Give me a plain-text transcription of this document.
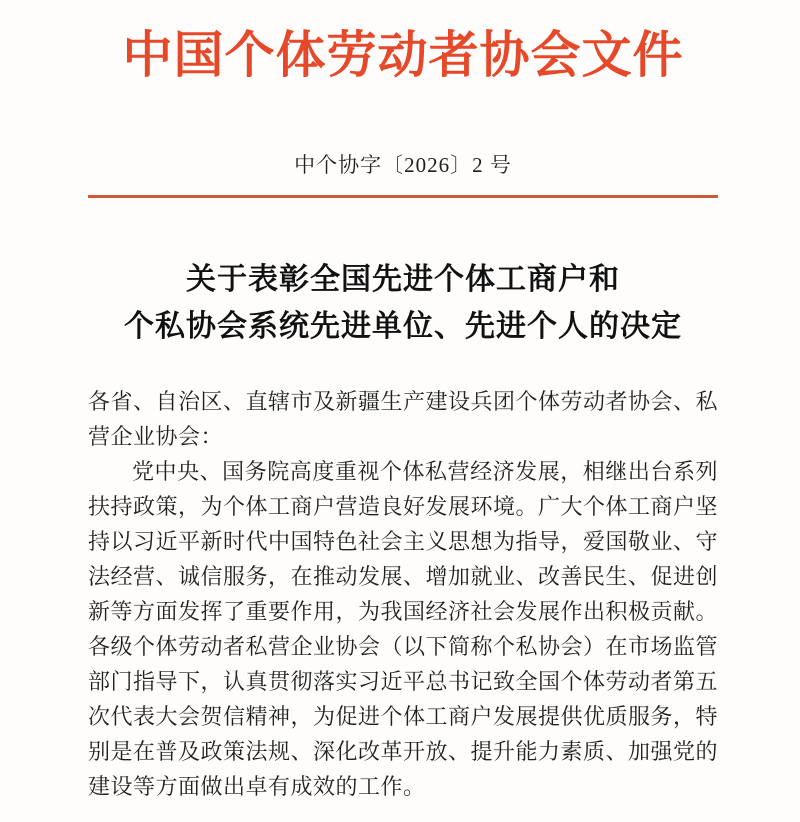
中国个体劳动者协会文件
中个协字〔2026〕2 号
关于表彰全国先进个体工商户和
个私协会系统先进单位、先进个人的决定
各省、自治区、直辖市及新疆生产建设兵团个体劳动者协会、私
营企业协会：
党中央、国务院高度重视个体私营经济发展，相继出台系列
扶持政策，为个体工商户营造良好发展环境。广大个体工商户坚
持以习近平新时代中国特色社会主义思想为指导，爱国敬业、守
法经营、诚信服务，在推动发展、增加就业、改善民生、促进创
新等方面发挥了重要作用，为我国经济社会发展作出积极贡献。
各级个体劳动者私营企业协会（以下简称个私协会）在市场监管
部门指导下，认真贯彻落实习近平总书记致全国个体劳动者第五
次代表大会贺信精神，为促进个体工商户发展提供优质服务，特
别是在普及政策法规、深化改革开放、提升能力素质、加强党的
建设等方面做出卓有成效的工作。
